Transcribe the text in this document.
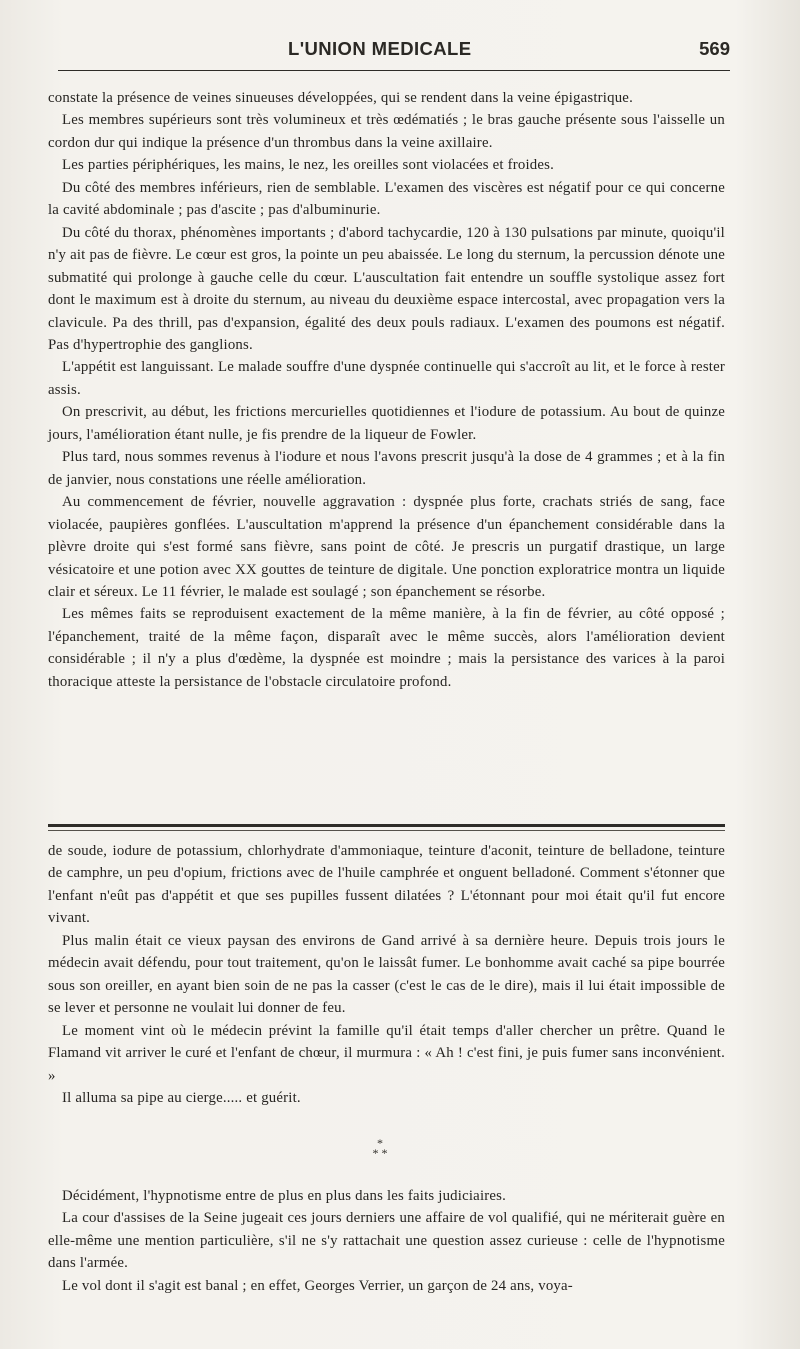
L'UNION MEDICALE	569

constate la présence de veines sinueuses développées, qui se rendent dans la veine épigastrique.

Les membres supérieurs sont très volumineux et très œdématiés ; le bras gauche présente sous l'aisselle un cordon dur qui indique la présence d'un thrombus dans la veine axillaire.

Les parties périphériques, les mains, le nez, les oreilles sont violacées et froides.

Du côté des membres inférieurs, rien de semblable. L'examen des viscères est négatif pour ce qui concerne la cavité abdominale ; pas d'ascite ; pas d'albuminurie.

Du côté du thorax, phénomènes importants ; d'abord tachycardie, 120 à 130 pulsations par minute, quoiqu'il n'y ait pas de fièvre. Le cœur est gros, la pointe un peu abaissée. Le long du sternum, la percussion dénote une submatité qui prolonge à gauche celle du cœur. L'auscultation fait entendre un souffle systolique assez fort dont le maximum est à droite du sternum, au niveau du deuxième espace intercostal, avec propagation vers la clavicule. Pa des thrill, pas d'expansion, égalité des deux pouls radiaux. L'examen des poumons est négatif. Pas d'hypertrophie des ganglions.

L'appétit est languissant. Le malade souffre d'une dyspnée continuelle qui s'accroît au lit, et le force à rester assis.

On prescrivit, au début, les frictions mercurielles quotidiennes et l'iodure de potassium. Au bout de quinze jours, l'amélioration étant nulle, je fis prendre de la liqueur de Fowler.

Plus tard, nous sommes revenus à l'iodure et nous l'avons prescrit jusqu'à la dose de 4 grammes ; et à la fin de janvier, nous constations une réelle amélioration.

Au commencement de février, nouvelle aggravation : dyspnée plus forte, crachats striés de sang, face violacée, paupières gonflées. L'auscultation m'apprend la présence d'un épanchement considérable dans la plèvre droite qui s'est formé sans fièvre, sans point de côté. Je prescris un purgatif drastique, un large vésicatoire et une potion avec XX gouttes de teinture de digitale. Une ponction exploratrice montra un liquide clair et séreux. Le 11 février, le malade est soulagé ; son épanchement se résorbe.

Les mêmes faits se reproduisent exactement de la même manière, à la fin de février, au côté opposé ; l'épanchement, traité de la même façon, disparaît avec le même succès, alors l'amélioration devient considérable ; il n'y a plus d'œdème, la dyspnée est moindre ; mais la persistance des varices à la paroi thoracique atteste la persistance de l'obstacle circulatoire profond.

de soude, iodure de potassium, chlorhydrate d'ammoniaque, teinture d'aconit, teinture de belladone, teinture de camphre, un peu d'opium, frictions avec de l'huile camphrée et onguent belladoné. Comment s'étonner que l'enfant n'eût pas d'appétit et que ses pupilles fussent dilatées ? L'étonnant pour moi était qu'il fut encore vivant.

Plus malin était ce vieux paysan des environs de Gand arrivé à sa dernière heure. Depuis trois jours le médecin avait défendu, pour tout traitement, qu'on le laissât fumer. Le bonhomme avait caché sa pipe bourrée sous son oreiller, en ayant bien soin de ne pas la casser (c'est le cas de le dire), mais il lui était impossible de se lever et personne ne voulait lui donner de feu.

Le moment vint où le médecin prévint la famille qu'il était temps d'aller chercher un prêtre. Quand le Flamand vit arriver le curé et l'enfant de chœur, il murmura : « Ah ! c'est fini, je puis fumer sans inconvénient. »

Il alluma sa pipe au cierge..... et guérit.

*
* *

Décidément, l'hypnotisme entre de plus en plus dans les faits judiciaires.

La cour d'assises de la Seine jugeait ces jours derniers une affaire de vol qualifié, qui ne mériterait guère en elle-même une mention particulière, s'il ne s'y rattachait une question assez curieuse : celle de l'hypnotisme dans l'armée.

Le vol dont il s'agit est banal ; en effet, Georges Verrier, un garçon de 24 ans, voya-
